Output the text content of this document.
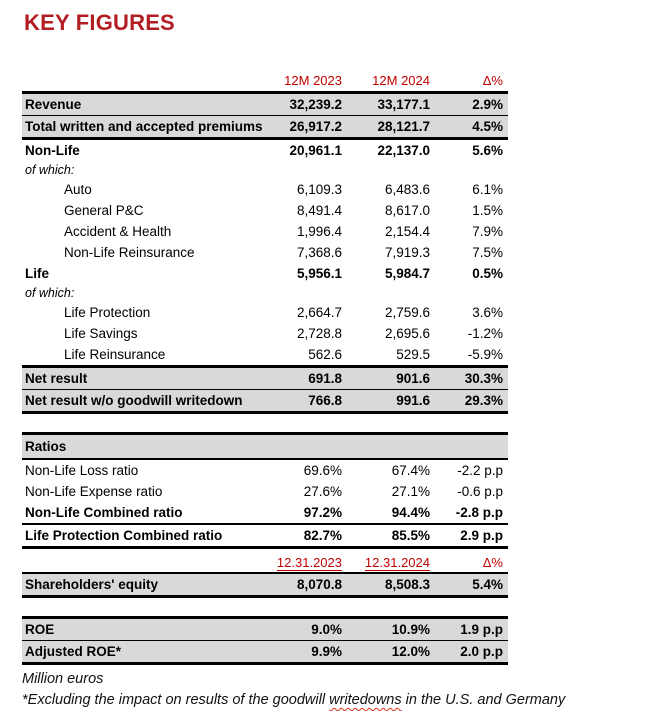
KEY FIGURES
12M 2023	12M 2024	Δ%
Revenue	32,239.2	33,177.1	2.9%
Total written and accepted premiums	26,917.2	28,121.7	4.5%
Non-Life	20,961.1	22,137.0	5.6%
of which:
Auto	6,109.3	6,483.6	6.1%
General P&C	8,491.4	8,617.0	1.5%
Accident & Health	1,996.4	2,154.4	7.9%
Non-Life Reinsurance	7,368.6	7,919.3	7.5%
Life	5,956.1	5,984.7	0.5%
of which:
Life Protection	2,664.7	2,759.6	3.6%
Life Savings	2,728.8	2,695.6	-1.2%
Life Reinsurance	562.6	529.5	-5.9%
Net result	691.8	901.6	30.3%
Net result w/o goodwill writedown	766.8	991.6	29.3%
Ratios
Non-Life Loss ratio	69.6%	67.4%	-2.2 p.p
Non-Life Expense ratio	27.6%	27.1%	-0.6 p.p
Non-Life Combined ratio	97.2%	94.4%	-2.8 p.p
Life Protection Combined ratio	82.7%	85.5%	2.9 p.p
12.31.2023	12.31.2024	Δ%
Shareholders' equity	8,070.8	8,508.3	5.4%
ROE	9.0%	10.9%	1.9 p.p
Adjusted ROE*	9.9%	12.0%	2.0 p.p
Million euros
*Excluding the impact on results of the goodwill writedowns in the U.S. and Germany
